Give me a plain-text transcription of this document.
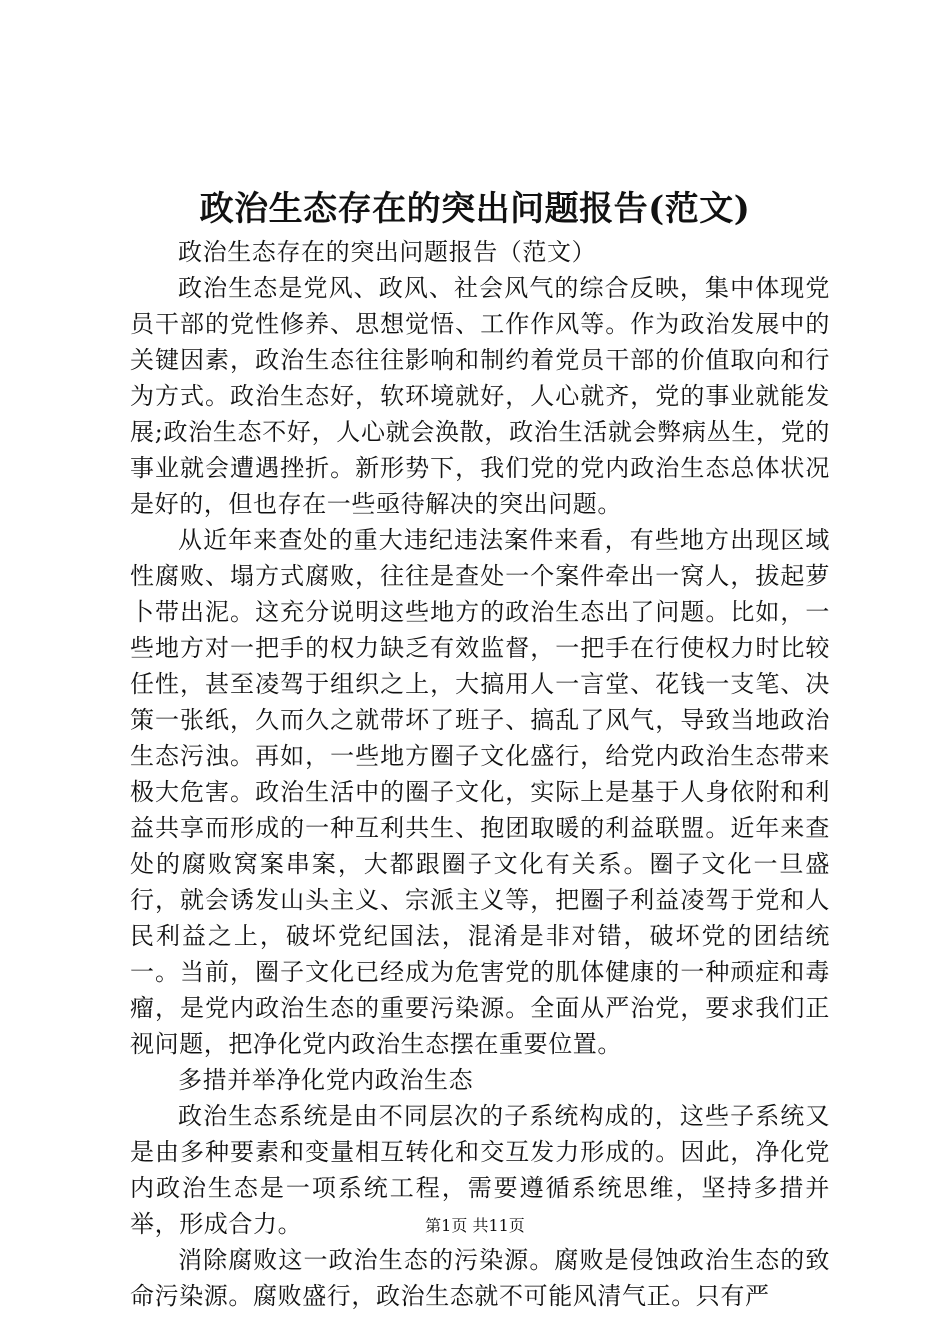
政治生态存在的突出问题报告(范文)

政治生态存在的突出问题报告（范文）

政治生态是党风、政风、社会风气的综合反映，集中体现党员干部的党性修养、思想觉悟、工作作风等。作为政治发展中的关键因素，政治生态往往影响和制约着党员干部的价值取向和行为方式。政治生态好，软环境就好，人心就齐，党的事业就能发展;政治生态不好，人心就会涣散，政治生活就会弊病丛生，党的事业就会遭遇挫折。新形势下，我们党的党内政治生态总体状况是好的，但也存在一些亟待解决的突出问题。

从近年来查处的重大违纪违法案件来看，有些地方出现区域性腐败、塌方式腐败，往往是查处一个案件牵出一窝人，拔起萝卜带出泥。这充分说明这些地方的政治生态出了问题。比如，一些地方对一把手的权力缺乏有效监督，一把手在行使权力时比较任性，甚至凌驾于组织之上，大搞用人一言堂、花钱一支笔、决策一张纸，久而久之就带坏了班子、搞乱了风气，导致当地政治生态污浊。再如，一些地方圈子文化盛行，给党内政治生态带来极大危害。政治生活中的圈子文化，实际上是基于人身依附和利益共享而形成的一种互利共生、抱团取暖的利益联盟。近年来查处的腐败窝案串案，大都跟圈子文化有关系。圈子文化一旦盛行，就会诱发山头主义、宗派主义等，把圈子利益凌驾于党和人民利益之上，破坏党纪国法，混淆是非对错，破坏党的团结统一。当前，圈子文化已经成为危害党的肌体健康的一种顽症和毒瘤，是党内政治生态的重要污染源。全面从严治党，要求我们正视问题，把净化党内政治生态摆在重要位置。

多措并举净化党内政治生态

政治生态系统是由不同层次的子系统构成的，这些子系统又是由多种要素和变量相互转化和交互发力形成的。因此，净化党内政治生态是一项系统工程，需要遵循系统思维，坚持多措并举，形成合力。

消除腐败这一政治生态的污染源。腐败是侵蚀政治生态的致命污染源。腐败盛行，政治生态就不可能风清气正。只有严

第1页 共11页
